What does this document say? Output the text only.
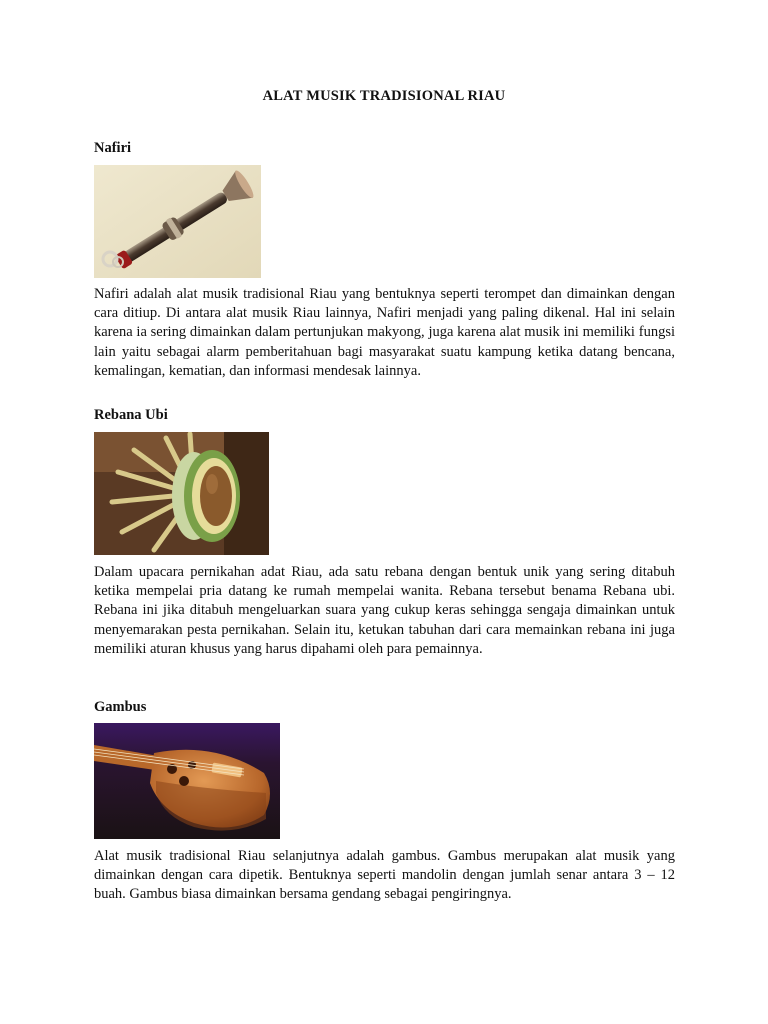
ALAT MUSIK TRADISIONAL RIAU
Nafiri

Nafiri adalah alat musik tradisional Riau yang bentuknya seperti terompet dan dimainkan dengan cara ditiup. Di antara alat musik Riau lainnya, Nafiri menjadi yang paling dikenal. Hal ini selain karena ia sering dimainkan dalam pertunjukan makyong, juga karena alat musik ini memiliki fungsi lain yaitu sebagai alarm pemberitahuan bagi masyarakat suatu kampung ketika datang bencana, kemalingan, kematian, dan informasi mendesak lainnya.

Rebana Ubi

Dalam upacara pernikahan adat Riau, ada satu rebana dengan bentuk unik yang sering ditabuh ketika mempelai pria datang ke rumah mempelai wanita. Rebana tersebut benama Rebana ubi. Rebana ini jika ditabuh mengeluarkan suara yang cukup keras sehingga sengaja dimainkan untuk menyemarakan pesta pernikahan. Selain itu, ketukan tabuhan dari cara memainkan rebana ini juga memiliki aturan khusus yang harus dipahami oleh para pemainnya.

Gambus

Alat musik tradisional Riau selanjutnya adalah gambus. Gambus merupakan alat musik yang dimainkan dengan cara dipetik. Bentuknya seperti mandolin dengan jumlah senar antara 3 – 12 buah. Gambus biasa dimainkan bersama gendang sebagai pengiringnya.
